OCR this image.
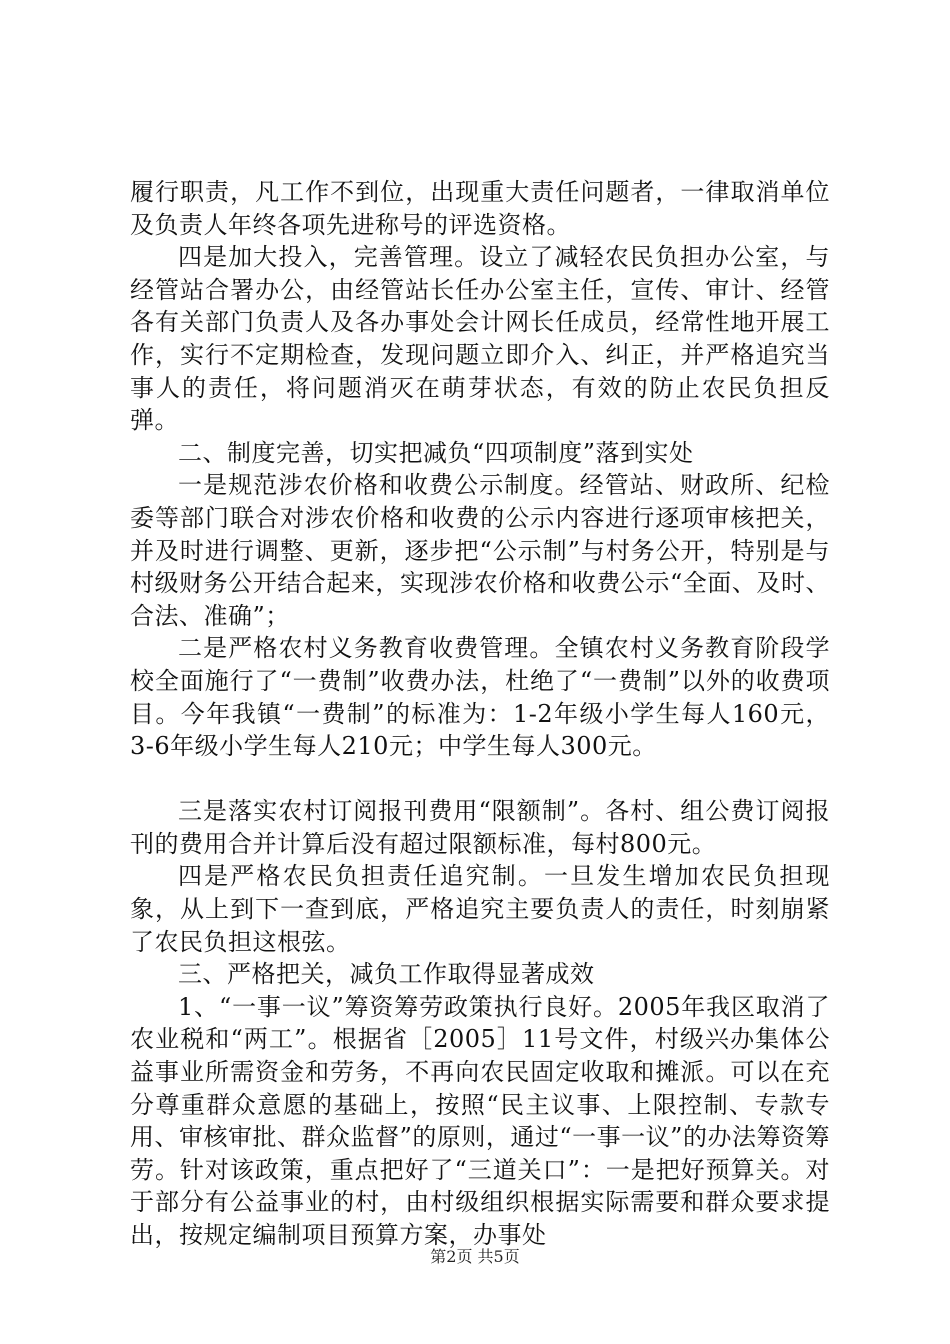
履行职责，凡工作不到位，出现重大责任问题者，一律取消单位及负责人年终各项先进称号的评选资格。

四是加大投入，完善管理。设立了减轻农民负担办公室，与经管站合署办公，由经管站长任办公室主任，宣传、审计、经管各有关部门负责人及各办事处会计网长任成员，经常性地开展工作，实行不定期检查，发现问题立即介入、纠正，并严格追究当事人的责任，将问题消灭在萌芽状态，有效的防止农民负担反弹。

二、制度完善，切实把减负“四项制度”落到实处

一是规范涉农价格和收费公示制度。经管站、财政所、纪检委等部门联合对涉农价格和收费的公示内容进行逐项审核把关，并及时进行调整、更新，逐步把“公示制”与村务公开，特别是与村级财务公开结合起来，实现涉农价格和收费公示“全面、及时、合法、准确”；

二是严格农村义务教育收费管理。全镇农村义务教育阶段学校全面施行了“一费制”收费办法，杜绝了“一费制”以外的收费项目。今年我镇“一费制”的标准为：1-2年级小学生每人160元，3-6年级小学生每人210元；中学生每人300元。

三是落实农村订阅报刊费用“限额制”。各村、组公费订阅报刊的费用合并计算后没有超过限额标准，每村800元。

四是严格农民负担责任追究制。一旦发生增加农民负担现象，从上到下一查到底，严格追究主要负责人的责任，时刻崩紧了农民负担这根弦。

三、严格把关，减负工作取得显著成效

1、“一事一议”筹资筹劳政策执行良好。2005年我区取消了农业税和“两工”。根据省［2005］11号文件，村级兴办集体公益事业所需资金和劳务，不再向农民固定收取和摊派。可以在充分尊重群众意愿的基础上，按照“民主议事、上限控制、专款专用、审核审批、群众监督”的原则，通过“一事一议”的办法筹资筹劳。针对该政策，重点把好了“三道关口”：一是把好预算关。对于部分有公益事业的村，由村级组织根据实际需要和群众要求提出，按规定编制项目预算方案，办事处

第2页 共5页
